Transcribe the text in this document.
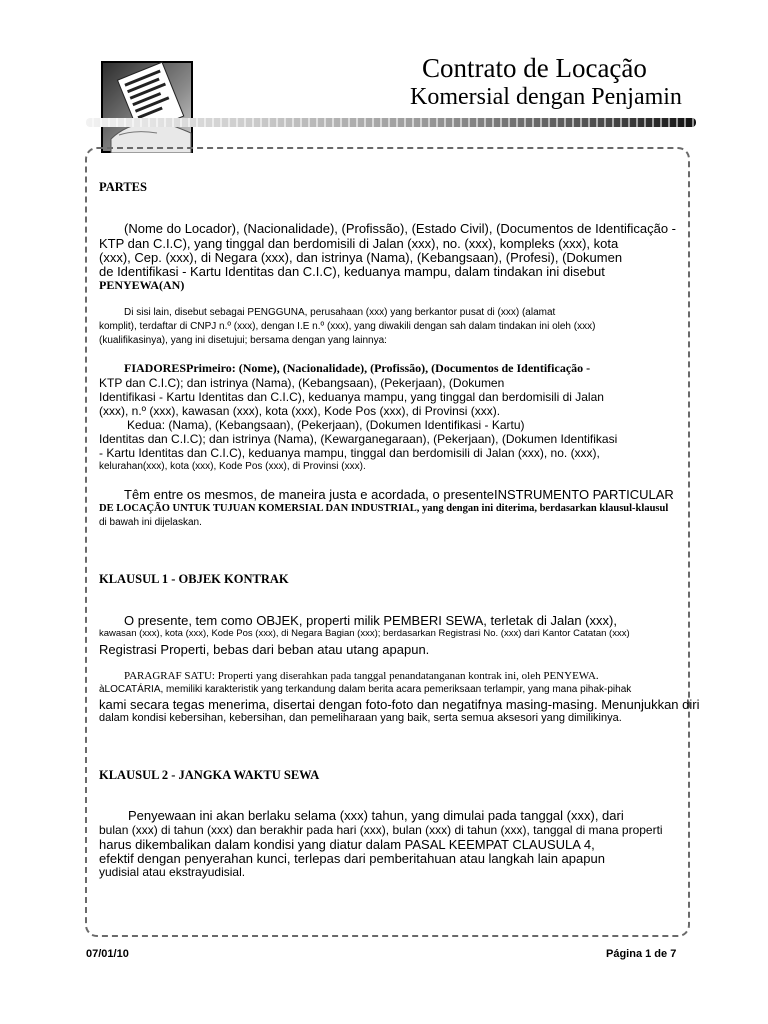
Contrato de Locação
Komersial dengan Penjamin
PARTES
(Nome do Locador), (Nacionalidade), (Profissão), (Estado Civil), (Documentos de Identificação -
KTP dan C.I.C), yang tinggal dan berdomisili di Jalan (xxx), no. (xxx), kompleks (xxx), kota
(xxx), Cep. (xxx), di Negara (xxx), dan istrinya (Nama), (Kebangsaan), (Profesi), (Dokumen
de Identifikasi - Kartu Identitas dan C.I.C), keduanya mampu, dalam tindakan ini disebut
PENYEWA(AN)
Di sisi lain, disebut sebagai PENGGUNA, perusahaan (xxx) yang berkantor pusat di (xxx) (alamat
komplit), terdaftar di CNPJ n.º (xxx), dengan I.E n.º (xxx), yang diwakili dengan sah dalam tindakan ini oleh (xxx)
(kualifikasinya), yang ini disetujui; bersama dengan yang lainnya:
FIADORESPrimeiro: (Nome), (Nacionalidade), (Profissão), (Documentos de Identificação -
KTP dan C.I.C); dan istrinya (Nama), (Kebangsaan), (Pekerjaan), (Dokumen
Identifikasi - Kartu Identitas dan C.I.C), keduanya mampu, yang tinggal dan berdomisili di Jalan
(xxx), n.º (xxx), kawasan (xxx), kota (xxx), Kode Pos (xxx), di Provinsi (xxx).
Kedua: (Nama), (Kebangsaan), (Pekerjaan), (Dokumen Identifikasi - Kartu)
Identitas dan C.I.C); dan istrinya (Nama), (Kewarganegaraan), (Pekerjaan), (Dokumen Identifikasi
- Kartu Identitas dan C.I.C), keduanya mampu, tinggal dan berdomisili di Jalan (xxx), no. (xxx),
kelurahan(xxx), kota (xxx), Kode Pos (xxx), di Provinsi (xxx).
Têm entre os mesmos, de maneira justa e acordada, o presenteINSTRUMENTO PARTICULAR
DE LOCAÇÃO UNTUK TUJUAN KOMERSIAL DAN INDUSTRIAL, yang dengan ini diterima, berdasarkan klausul-klausul
di bawah ini dijelaskan.
KLAUSUL 1 - OBJEK KONTRAK
O presente, tem como OBJEK, properti milik PEMBERI SEWA, terletak di Jalan (xxx),
kawasan (xxx), kota (xxx), Kode Pos (xxx), di Negara Bagian (xxx); berdasarkan Registrasi No. (xxx) dari Kantor Catatan (xxx)
Registrasi Properti, bebas dari beban atau utang apapun.
PARAGRAF SATU: Properti yang diserahkan pada tanggal penandatanganan kontrak ini, oleh PENYEWA.
àLOCATÁRIA, memiliki karakteristik yang terkandung dalam berita acara pemeriksaan terlampir, yang mana pihak-pihak
kami secara tegas menerima, disertai dengan foto-foto dan negatifnya masing-masing. Menunjukkan diri
dalam kondisi kebersihan, kebersihan, dan pemeliharaan yang baik, serta semua aksesori yang dimilikinya.
KLAUSUL 2 - JANGKA WAKTU SEWA
Penyewaan ini akan berlaku selama (xxx) tahun, yang dimulai pada tanggal (xxx), dari
bulan (xxx) di tahun (xxx) dan berakhir pada hari (xxx), bulan (xxx) di tahun (xxx), tanggal di mana properti
harus dikembalikan dalam kondisi yang diatur dalam PASAL KEEMPAT CLAUSULA 4,
efektif dengan penyerahan kunci, terlepas dari pemberitahuan atau langkah lain apapun
yudisial atau ekstrayudisial.
07/01/10	Página 1 de 7
